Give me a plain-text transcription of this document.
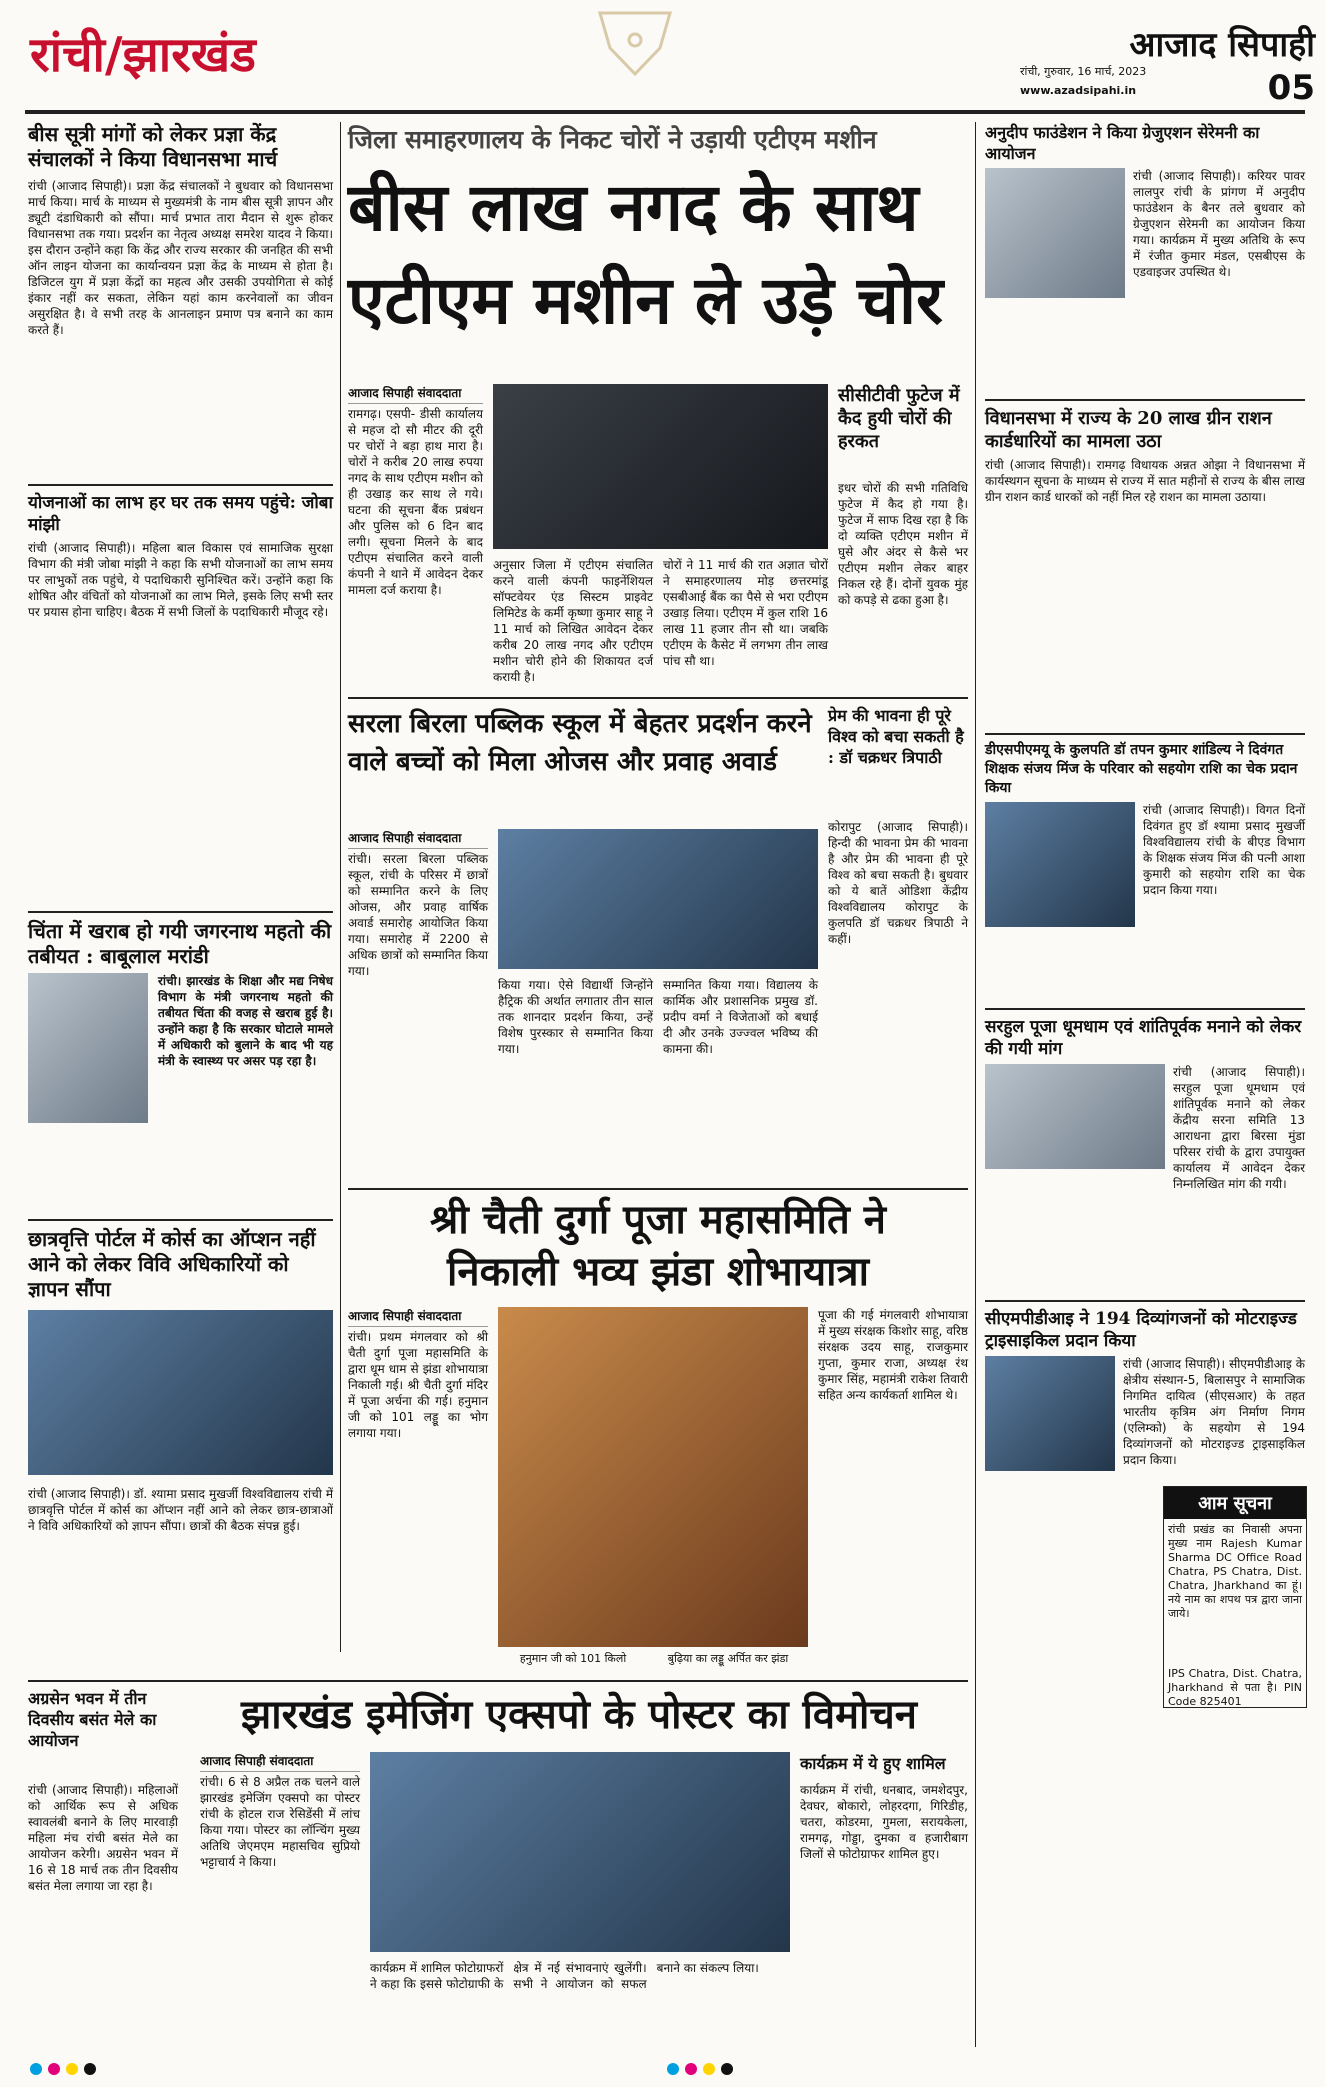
रांची/झारखंड	आजाद सिपाही
रांची, गुरुवार, 16 मार्च, 2023
www.azadsipahi.in	05
बीस सूत्री मांगों को लेकर प्रज्ञा केंद्र संचालकों ने किया विधानसभा मार्च
रांची (आजाद सिपाही)। प्रज्ञा केंद्र संचालकों ने बुधवार को विधानसभा मार्च किया। मार्च के माध्यम से मुख्यमंत्री के नाम बीस सूत्री ज्ञापन और ड्यूटी दंडाधिकारी को सौंपा। मार्च प्रभात तारा मैदान से शुरू होकर विधानसभा तक गया। प्रदर्शन का नेतृत्व अध्यक्ष समरेश यादव ने किया। इस दौरान उन्होंने कहा कि केंद्र और राज्य सरकार की जनहित की सभी ऑन लाइन योजना का कार्यान्वयन प्रज्ञा केंद्र के माध्यम से होता है। डिजिटल युग में प्रज्ञा केंद्रों का महत्व और उसकी उपयोगिता से कोई इंकार नहीं कर सकता, लेकिन यहां काम करनेवालों का जीवन असुरक्षित है। वे सभी तरह के आनलाइन प्रमाण पत्र बनाने का काम करते हैं।
योजनाओं का लाभ हर घर तक समय पहुंचे: जोबा मांझी
रांची (आजाद सिपाही)। महिला बाल विकास एवं सामाजिक सुरक्षा विभाग की मंत्री जोबा मांझी ने कहा कि सभी योजनाओं का लाभ समय पर लाभुकों तक पहुंचे, ये पदाधिकारी सुनिश्चित करें। उन्होंने कहा कि शोषित और वंचितों को योजनाओं का लाभ मिले, इसके लिए सभी स्तर पर प्रयास होना चाहिए। बैठक में सभी जिलों के पदाधिकारी मौजूद रहे।
चिंता में खराब हो गयी जगरनाथ महतो की तबीयत : बाबूलाल मरांडी
रांची। झारखंड के शिक्षा और मद्य निषेध विभाग के मंत्री जगरनाथ महतो की तबीयत चिंता की वजह से खराब हुई है। उन्होंने कहा है कि सरकार घोटाले मामले में अधिकारी को बुलाने के बाद भी यह मंत्री के स्वास्थ्य पर असर पड़ रहा है।
छात्रवृत्ति पोर्टल में कोर्स का ऑप्शन नहीं आने को लेकर विवि अधिकारियों को ज्ञापन सौंपा
रांची (आजाद सिपाही)। डॉ. श्यामा प्रसाद मुखर्जी विश्वविद्यालय रांची में छात्रवृत्ति पोर्टल में कोर्स का ऑप्शन नहीं आने को लेकर छात्र-छात्राओं ने विवि अधिकारियों को ज्ञापन सौंपा। छात्रों की बैठक संपन्न हुई।
जिला समाहरणालय के निकट चोरों ने उड़ायी एटीएम मशीन
बीस लाख नगद के साथ
एटीएम मशीन ले उड़े चोर
आजाद सिपाही संवाददाता
रामगढ़। एसपी- डीसी कार्यालय से महज दो सौ मीटर की दूरी पर चोरों ने बड़ा हाथ मारा है। चोरों ने करीब 20 लाख रुपया नगद के साथ एटीएम मशीन को ही उखाड़ कर साथ ले गये। घटना की सूचना बैंक प्रबंधन और पुलिस को 6 दिन बाद लगी। सूचना मिलने के बाद एटीएम संचालित करने वाली कंपनी ने थाने में आवेदन देकर मामला दर्ज कराया है।
अनुसार जिला में एटीएम संचालित करने वाली कंपनी फाइनेंशियल सॉफ्टवेयर एंड सिस्टम प्राइवेट लिमिटेड के कर्मी कृष्णा कुमार साहू ने 11 मार्च को लिखित आवेदन देकर करीब 20 लाख नगद और एटीएम मशीन चोरी होने की शिकायत दर्ज करायी है।
चोरों ने 11 मार्च की रात अज्ञात चोरों ने समाहरणालय मोड़ छत्तरमांडू एसबीआई बैंक का पैसे से भरा एटीएम उखाड़ लिया। एटीएम में कुल राशि 16 लाख 11 हजार तीन सौ था। जबकि एटीएम के कैसेट में लगभग तीन लाख पांच सौ था।
सीसीटीवी फुटेज में कैद हुयी चोरों की हरकत
इधर चोरों की सभी गतिविधि फुटेज में कैद हो गया है। फुटेज में साफ दिख रहा है कि दो व्यक्ति एटीएम मशीन में घुसे और अंदर से कैसे भर एटीएम मशीन लेकर बाहर निकल रहे हैं। दोनों युवक मुंह को कपड़े से ढका हुआ है।
सरला बिरला पब्लिक स्कूल में बेहतर प्रदर्शन करने वाले बच्चों को मिला ओजस और प्रवाह अवार्ड
आजाद सिपाही संवाददाता
रांची। सरला बिरला पब्लिक स्कूल, रांची के परिसर में छात्रों को सम्मानित करने के लिए ओजस, और प्रवाह वार्षिक अवार्ड समारोह आयोजित किया गया। समारोह में 2200 से अधिक छात्रों को सम्मानित किया गया।
किया गया। ऐसे विद्यार्थी जिन्होंने हैट्रिक की अर्थात लगातार तीन साल तक शानदार प्रदर्शन किया, उन्हें विशेष पुरस्कार से सम्मानित किया गया।
सम्मानित किया गया। विद्यालय के कार्मिक और प्रशासनिक प्रमुख डॉ. प्रदीप वर्मा ने विजेताओं को बधाई दी और उनके उज्ज्वल भविष्य की कामना की।
प्रेम की भावना ही पूरे विश्व को बचा सकती है : डॉ चक्रधर त्रिपाठी
कोरापुट (आजाद सिपाही)। हिन्दी की भावना प्रेम की भावना है और प्रेम की भावना ही पूरे विश्व को बचा सकती है। बुधवार को ये बातें ओडिशा केंद्रीय विश्वविद्यालय कोरापुट के कुलपति डॉ चक्रधर त्रिपाठी ने कहीं।
श्री चैती दुर्गा पूजा महासमिति ने
निकाली भव्य झंडा शोभायात्रा
आजाद सिपाही संवाददाता
रांची। प्रथम मंगलवार को श्री चैती दुर्गा पूजा महासमिति के द्वारा धूम धाम से झंडा शोभायात्रा निकाली गई। श्री चैती दुर्गा मंदिर में पूजा अर्चना की गई। हनुमान जी को 101 लड्डू का भोग लगाया गया।
हनुमान जी को 101 किलो	बुढ़िया का लड्डू अर्पित कर झंडा
पूजा की गई मंगलवारी शोभायात्रा में मुख्य संरक्षक किशोर साहू, वरिष्ठ संरक्षक उदय साहू, राजकुमार गुप्ता, कुमार राजा, अध्यक्ष रंथ कुमार सिंह, महामंत्री राकेश तिवारी सहित अन्य कार्यकर्ता शामिल थे।
अग्रसेन भवन में तीन दिवसीय बसंत मेले का आयोजन
रांची (आजाद सिपाही)। महिलाओं को आर्थिक रूप से अधिक स्वावलंबी बनाने के लिए मारवाड़ी महिला मंच रांची बसंत मेले का आयोजन करेगी। अग्रसेन भवन में 16 से 18 मार्च तक तीन दिवसीय बसंत मेला लगाया जा रहा है।
झारखंड इमेजिंग एक्सपो के पोस्टर का विमोचन
आजाद सिपाही संवाददाता
रांची। 6 से 8 अप्रैल तक चलने वाले झारखंड इमेजिंग एक्सपो का पोस्टर रांची के होटल राज रेसिडेंसी में लांच किया गया। पोस्टर का लॉन्चिंग मुख्य अतिथि जेएमएम महासचिव सुप्रियो भट्टाचार्य ने किया।
कार्यक्रम में शामिल फोटोग्राफरों ने कहा कि इससे फोटोग्राफी के क्षेत्र में नई संभावनाएं खुलेंगी। सभी ने आयोजन को सफल बनाने का संकल्प लिया।
कार्यक्रम में ये हुए शामिल
कार्यक्रम में रांची, धनबाद, जमशेदपुर, देवघर, बोकारो, लोहरदगा, गिरिडीह, चतरा, कोडरमा, गुमला, सरायकेला, रामगढ़, गोड्डा, दुमका व हजारीबाग जिलों से फोटोग्राफर शामिल हुए।
अनुदीप फाउंडेशन ने किया ग्रेजुएशन सेरेमनी का आयोजन
रांची (आजाद सिपाही)। करियर पावर लालपुर रांची के प्रांगण में अनुदीप फाउंडेशन के बैनर तले बुधवार को ग्रेजुएशन सेरेमनी का आयोजन किया गया। कार्यक्रम में मुख्य अतिथि के रूप में रंजीत कुमार मंडल, एसबीएस के एडवाइजर उपस्थित थे।
विधानसभा में राज्य के 20 लाख ग्रीन राशन कार्डधारियों का मामला उठा
रांची (आजाद सिपाही)। रामगढ़ विधायक अन्नत ओझा ने विधानसभा में कार्यस्थगन सूचना के माध्यम से राज्य में सात महीनों से राज्य के बीस लाख ग्रीन राशन कार्ड धारकों को नहीं मिल रहे राशन का मामला उठाया।
डीएसपीएमयू के कुलपति डॉ तपन कुमार शांडिल्य ने दिवंगत शिक्षक संजय मिंज के परिवार को सहयोग राशि का चेक प्रदान किया
रांची (आजाद सिपाही)। विगत दिनों दिवंगत हुए डॉ श्यामा प्रसाद मुखर्जी विश्वविद्यालय रांची के बीएड विभाग के शिक्षक संजय मिंज की पत्नी आशा कुमारी को सहयोग राशि का चेक प्रदान किया गया।
सरहुल पूजा धूमधाम एवं शांतिपूर्वक मनाने को लेकर की गयी मांग
रांची (आजाद सिपाही)। सरहुल पूजा धूमधाम एवं शांतिपूर्वक मनाने को लेकर केंद्रीय सरना समिति 13 आराधना द्वारा बिरसा मुंडा परिसर रांची के द्वारा उपायुक्त कार्यालय में आवेदन देकर निम्नलिखित मांग की गयी।
सीएमपीडीआइ ने 194 दिव्यांगजनों को मोटराइज्ड ट्राइसाइकिल प्रदान किया
रांची (आजाद सिपाही)। सीएमपीडीआइ के क्षेत्रीय संस्थान-5, बिलासपुर ने सामाजिक निगमित दायित्व (सीएसआर) के तहत भारतीय कृत्रिम अंग निर्माण निगम (एलिम्को) के सहयोग से 194 दिव्यांगजनों को मोटराइज्ड ट्राइसाइकिल प्रदान किया।
आम सूचना
रांची प्रखंड का निवासी अपना मुख्य नाम Rajesh Kumar Sharma DC Office Road Chatra, PS Chatra, Dist. Chatra, Jharkhand का हूं। नये नाम का शपथ पत्र द्वारा जाना जाये।
IPS Chatra, Dist. Chatra, Jharkhand से पता है। PIN Code 825401
